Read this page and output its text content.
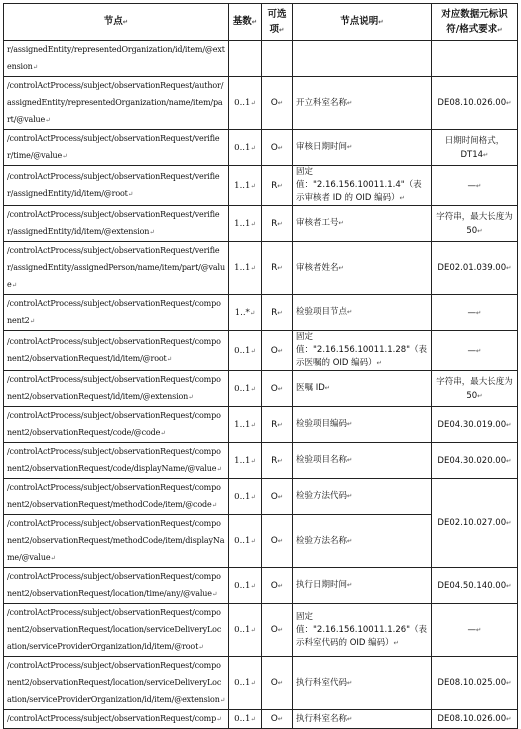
节点↵	基数↵	可选项↵	节点说明↵	对应数据元标识符/格式要求↵
r/assignedEntity/representedOrganization/id/item/@extension↵				
/controlActProcess/subject/observationRequest/author/assignedEntity/representedOrganization/name/item/part/@value↵	0..1↵	O↵	开立科室名称↵	DE08.10.026.00↵
/controlActProcess/subject/observationRequest/verifier/time/@value↵	0..1↵	O↵	审核日期时间↵	日期时间格式，DT14↵
/controlActProcess/subject/observationRequest/verifier/assignedEntity/id/item/@root↵	1..1↵	R↵	固定值："2.16.156.10011.1.4"（表示审核者 ID 的 OID 编码）↵	—↵
/controlActProcess/subject/observationRequest/verifier/assignedEntity/id/item/@extension↵	1..1↵	R↵	审核者工号↵	字符串，最大长度为 50↵
/controlActProcess/subject/observationRequest/verifier/assignedEntity/assignedPerson/name/item/part/@value↵	1..1↵	R↵	审核者姓名↵	DE02.01.039.00↵
/controlActProcess/subject/observationRequest/component2↵	1..*↵	R↵	检验项目节点↵	—↵
/controlActProcess/subject/observationRequest/component2/observationRequest/id/item/@root↵	0..1↵	O↵	固定值："2.16.156.10011.1.28"（表示医嘱的 OID 编码）↵	—↵
/controlActProcess/subject/observationRequest/component2/observationRequest/id/item/@extension↵	0..1↵	O↵	医嘱 ID↵	字符串，最大长度为 50↵
/controlActProcess/subject/observationRequest/component2/observationRequest/code/@code↵	1..1↵	R↵	检验项目编码↵	DE04.30.019.00↵
/controlActProcess/subject/observationRequest/component2/observationRequest/code/displayName/@value↵	1..1↵	R↵	检验项目名称↵	DE04.30.020.00↵
/controlActProcess/subject/observationRequest/component2/observationRequest/methodCode/item/@code↵	0..1↵	O↵	检验方法代码↵	DE02.10.027.00↵
/controlActProcess/subject/observationRequest/component2/observationRequest/methodCode/item/displayName/@value↵	0..1↵	O↵	检验方法名称↵	
/controlActProcess/subject/observationRequest/component2/observationRequest/location/time/any/@value↵	0..1↵	O↵	执行日期时间↵	DE04.50.140.00↵
/controlActProcess/subject/observationRequest/component2/observationRequest/location/serviceDeliveryLocation/serviceProviderOrganization/id/item/@root↵	0..1↵	O↵	固定值："2.16.156.10011.1.26"（表示科室代码的 OID 编码）↵	—↵
/controlActProcess/subject/observationRequest/component2/observationRequest/location/serviceDeliveryLocation/serviceProviderOrganization/id/item/@extension↵	0..1↵	O↵	执行科室代码↵	DE08.10.025.00↵
/controlActProcess/subject/observationRequest/comp↵	0..1↵	O↵	执行科室名称↵	DE08.10.026.00↵
